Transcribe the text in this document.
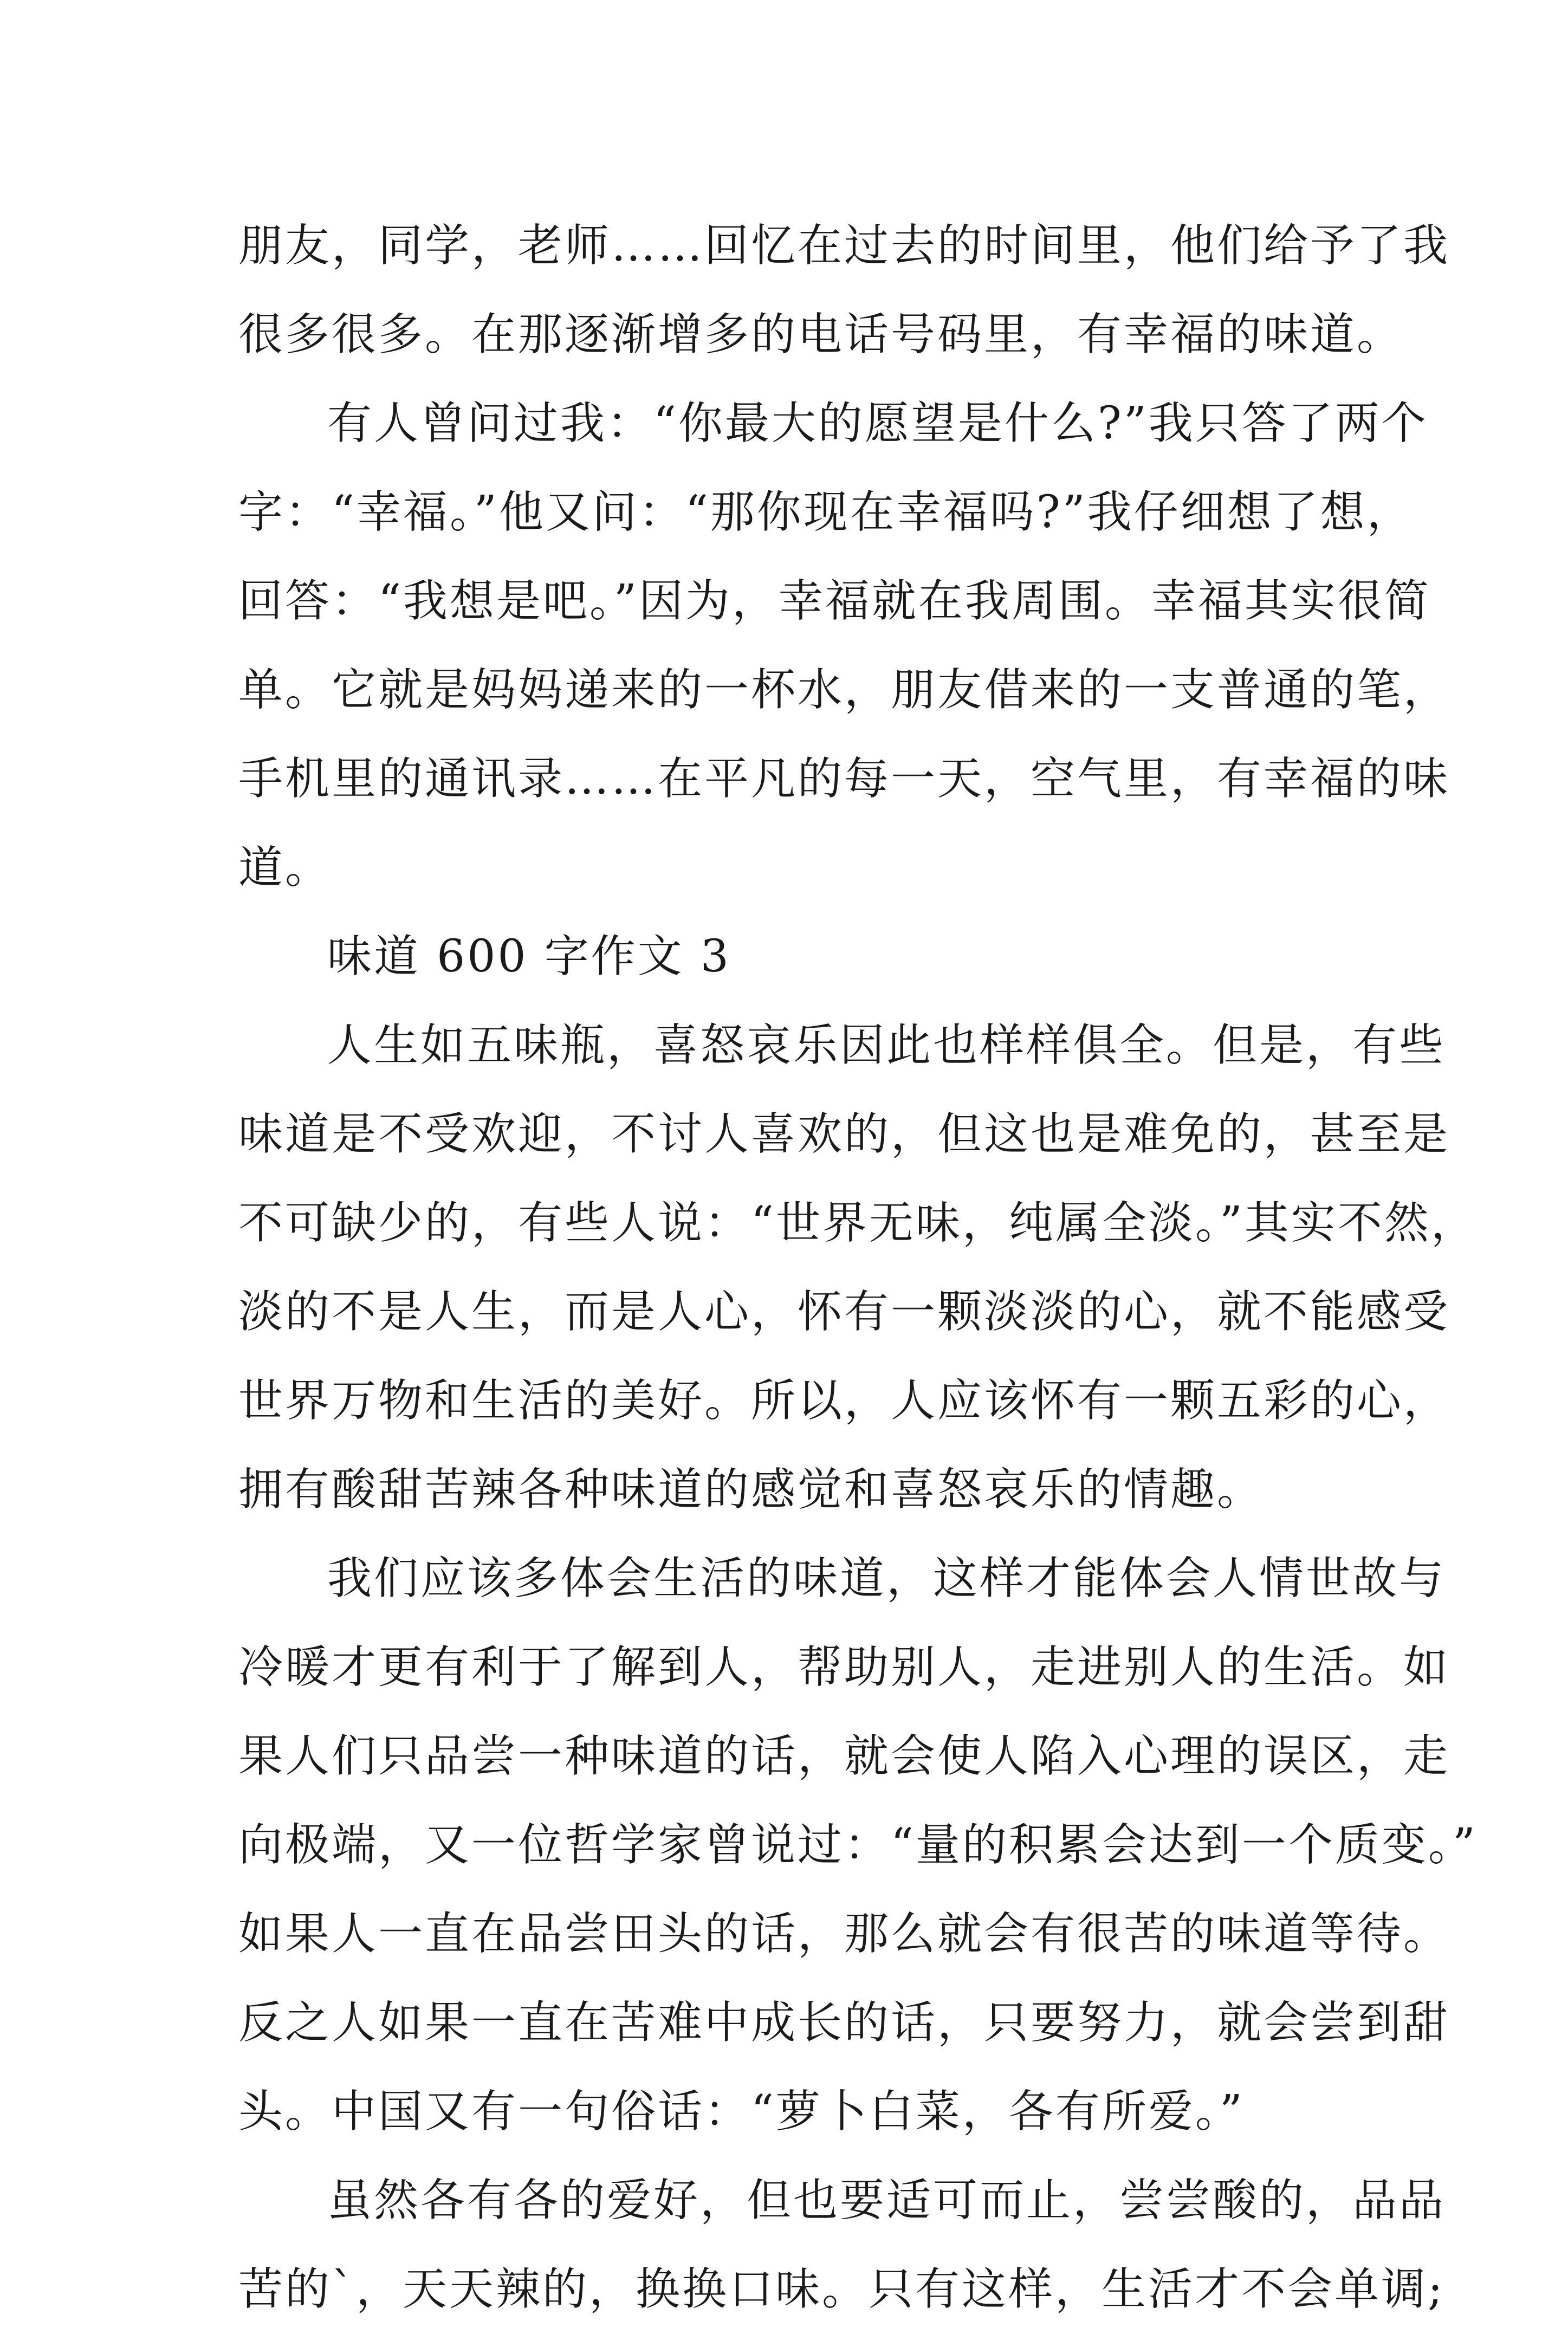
朋友，同学，老师……回忆在过去的时间里，他们给予了我
很多很多。在那逐渐增多的电话号码里，有幸福的味道。
有人曾问过我：“你最大的愿望是什么?”我只答了两个
字：“幸福。”他又问：“那你现在幸福吗?”我仔细想了想，
回答：“我想是吧。”因为，幸福就在我周围。幸福其实很简
单。它就是妈妈递来的一杯水，朋友借来的一支普通的笔，
手机里的通讯录……在平凡的每一天，空气里，有幸福的味
道。
味道 600 字作文 3
人生如五味瓶，喜怒哀乐因此也样样俱全。但是，有些
味道是不受欢迎，不讨人喜欢的，但这也是难免的，甚至是
不可缺少的，有些人说：“世界无味，纯属全淡。”其实不然，
淡的不是人生，而是人心，怀有一颗淡淡的心，就不能感受
世界万物和生活的美好。所以，人应该怀有一颗五彩的心，
拥有酸甜苦辣各种味道的感觉和喜怒哀乐的情趣。
我们应该多体会生活的味道，这样才能体会人情世故与
冷暖才更有利于了解到人，帮助别人，走进别人的生活。如
果人们只品尝一种味道的话，就会使人陷入心理的误区，走
向极端，又一位哲学家曾说过：“量的积累会达到一个质变。”
如果人一直在品尝田头的话，那么就会有很苦的味道等待。
反之人如果一直在苦难中成长的话，只要努力，就会尝到甜
头。中国又有一句俗话：“萝卜白菜，各有所爱。”
虽然各有各的爱好，但也要适可而止，尝尝酸的，品品
苦的`，天天辣的，换换口味。只有这样，生活才不会单调;
